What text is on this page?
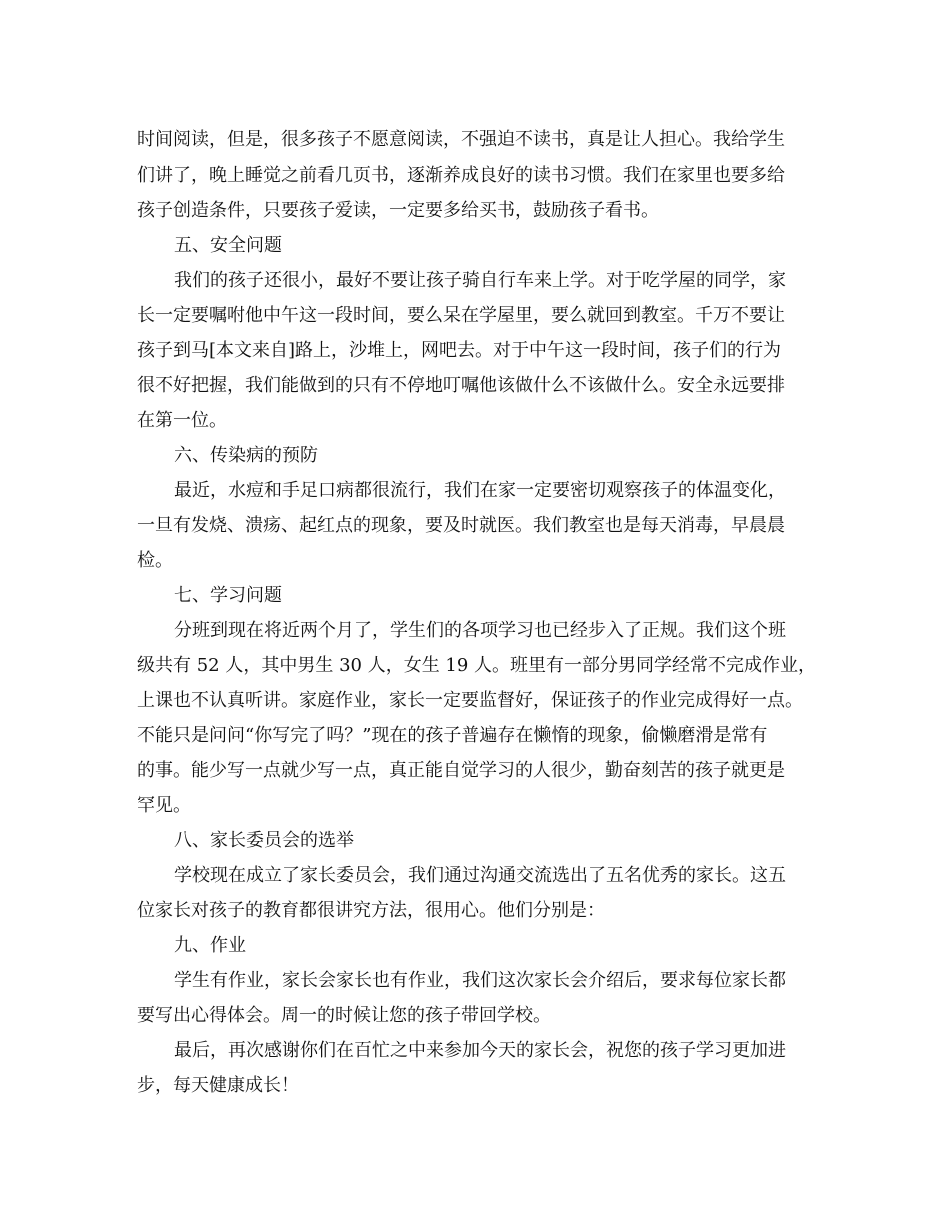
时间阅读，但是，很多孩子不愿意阅读，不强迫不读书，真是让人担心。我给学生
们讲了，晚上睡觉之前看几页书，逐渐养成良好的读书习惯。我们在家里也要多给
孩子创造条件，只要孩子爱读，一定要多给买书，鼓励孩子看书。
五、安全问题
我们的孩子还很小，最好不要让孩子骑自行车来上学。对于吃学屋的同学，家
长一定要嘱咐他中午这一段时间，要么呆在学屋里，要么就回到教室。千万不要让
孩子到马[本文来自]路上，沙堆上，网吧去。对于中午这一段时间，孩子们的行为
很不好把握，我们能做到的只有不停地叮嘱他该做什么不该做什么。安全永远要排
在第一位。
六、传染病的预防
最近，水痘和手足口病都很流行，我们在家一定要密切观察孩子的体温变化，
一旦有发烧、溃疡、起红点的现象，要及时就医。我们教室也是每天消毒，早晨晨
检。
七、学习问题
分班到现在将近两个月了，学生们的各项学习也已经步入了正规。我们这个班
级共有 52 人，其中男生 30 人，女生 19 人。班里有一部分男同学经常不完成作业，
上课也不认真听讲。家庭作业，家长一定要监督好，保证孩子的作业完成得好一点。
不能只是问问“你写完了吗？”现在的孩子普遍存在懒惰的现象，偷懒磨滑是常有
的事。能少写一点就少写一点，真正能自觉学习的人很少，勤奋刻苦的孩子就更是
罕见。
八、家长委员会的选举
学校现在成立了家长委员会，我们通过沟通交流选出了五名优秀的家长。这五
位家长对孩子的教育都很讲究方法，很用心。他们分别是：
九、作业
学生有作业，家长会家长也有作业，我们这次家长会介绍后，要求每位家长都
要写出心得体会。周一的时候让您的孩子带回学校。
最后，再次感谢你们在百忙之中来参加今天的家长会，祝您的孩子学习更加进
步，每天健康成长！
